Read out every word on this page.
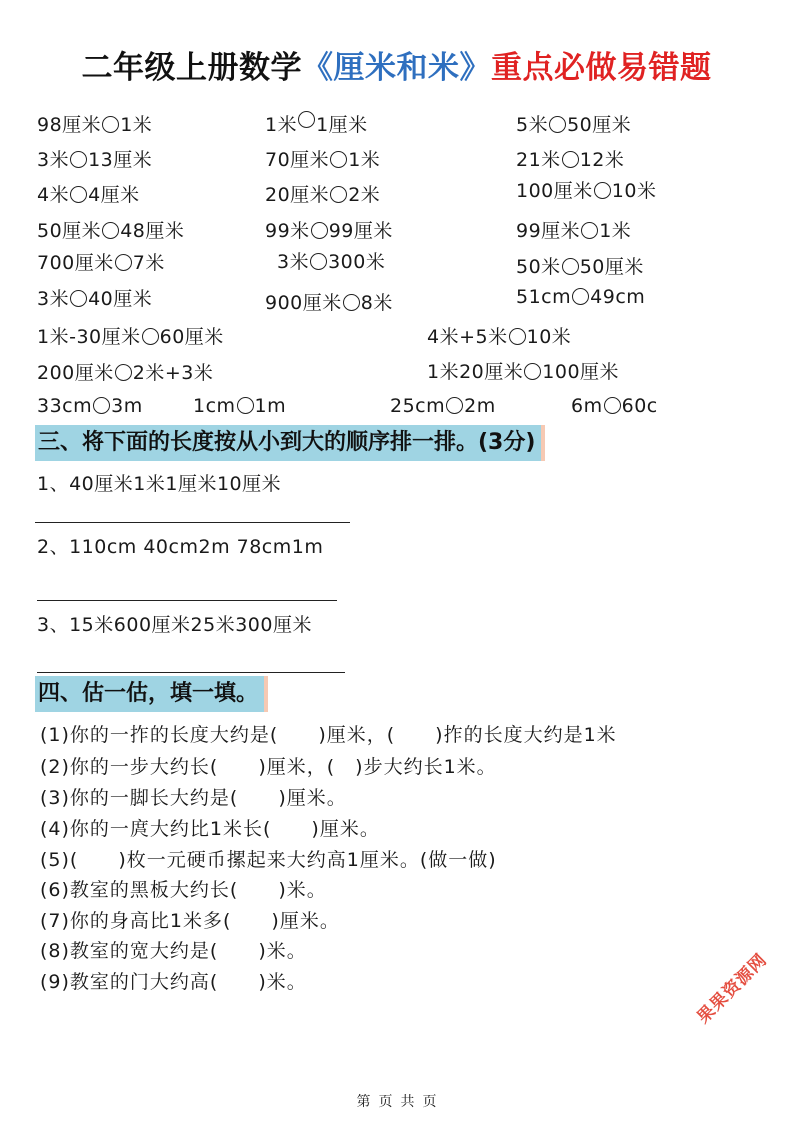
二年级上册数学《厘米和米》重点必做易错题
98厘米 1米	1米 1厘米	5米 50厘米
3米 13厘米	70厘米 1米	21米 12米
4米 4厘米	20厘米 2米	100厘米 10米
50厘米 48厘米	99米 99厘米	99厘米 1米
700厘米 7米	3米 300米	50米 50厘米
3米 40厘米	900厘米 8米	51cm 49cm
1米-30厘米 60厘米	4米+5米 10米
200厘米 2米+3米	1米20厘米 100厘米
33cm 3m	1cm 1m	25cm 2m	6m 60c
三、将下面的长度按从小到大的顺序排一排。(3分)
1、40厘米1米1厘米10厘米
2、110cm 40cm2m 78cm1m
3、15米600厘米25米300厘米
四、估一估，填一填。
(1)你的一拃的长度大约是(　　)厘米，(　　)拃的长度大约是1米
(2)你的一步大约长(　　)厘米，(　)步大约长1米。
(3)你的一脚长大约是(　　)厘米。
(4)你的一庹大约比1米长(　　)厘米。
(5)(　　)枚一元硬币摞起来大约高1厘米。(做一做)
(6)教室的黑板大约长(　　)米。
(7)你的身高比1米多(　　)厘米。
(8)教室的宽大约是(　　)米。
(9)教室的门大约高(　　)米。	果果资源网
第 页 共 页
